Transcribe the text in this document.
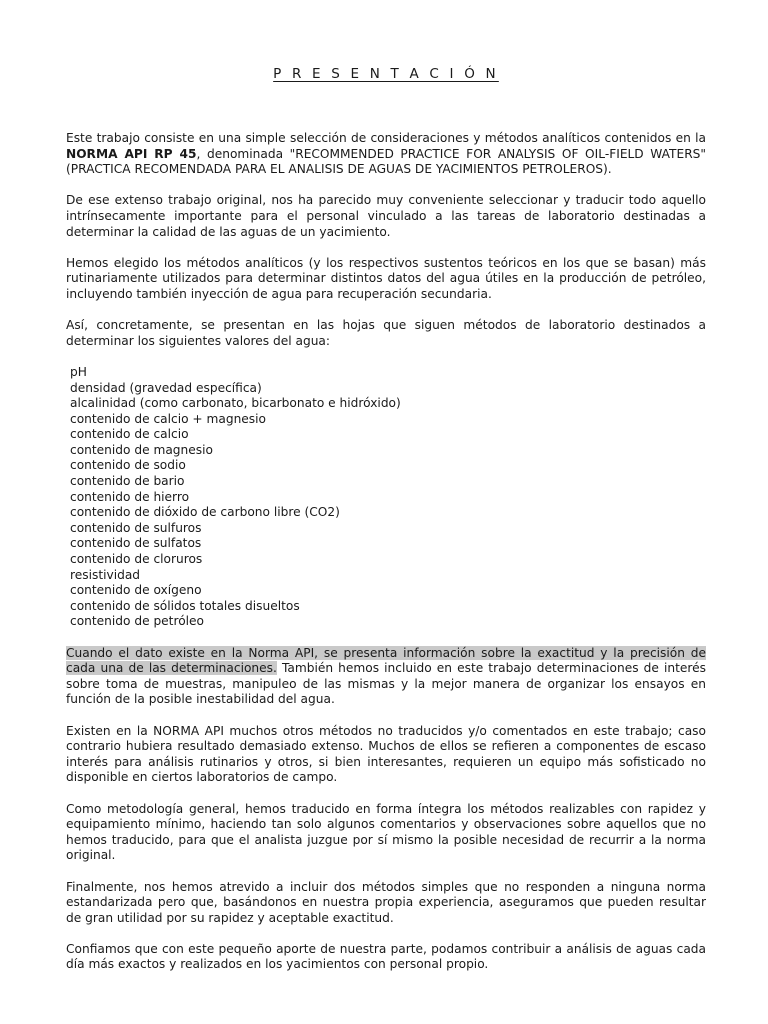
P R E S E N T A C I Ó N

Este trabajo consiste en una simple selección de consideraciones y métodos analíticos contenidos en la NORMA API RP 45, denominada "RECOMMENDED PRACTICE FOR ANALYSIS OF OIL-FIELD WATERS" (PRACTICA RECOMENDADA PARA EL ANALISIS DE AGUAS DE YACIMIENTOS PETROLEROS).

De ese extenso trabajo original, nos ha parecido muy conveniente seleccionar y traducir todo aquello intrínsecamente importante para el personal vinculado a las tareas de laboratorio destinadas a determinar la calidad de las aguas de un yacimiento.

Hemos elegido los métodos analíticos (y los respectivos sustentos teóricos en los que se basan) más rutinariamente utilizados para determinar distintos datos del agua útiles en la producción de petróleo, incluyendo también inyección de agua para recuperación secundaria.

Así, concretamente, se presentan en las hojas que siguen métodos de laboratorio destinados a determinar los siguientes valores del agua:

pH
densidad (gravedad específica)
alcalinidad (como carbonato, bicarbonato e hidróxido)
contenido de calcio + magnesio
contenido de calcio
contenido de magnesio
contenido de sodio
contenido de bario
contenido de hierro
contenido de dióxido de carbono libre (CO2)
contenido de sulfuros
contenido de sulfatos
contenido de cloruros
resistividad
contenido de oxígeno
contenido de sólidos totales disueltos
contenido de petróleo

Cuando el dato existe en la Norma API, se presenta información sobre la exactitud y la precisión de cada una de las determinaciones. También hemos incluido en este trabajo determinaciones de interés sobre toma de muestras, manipuleo de las mismas y la mejor manera de organizar los ensayos en función de la posible inestabilidad del agua.

Existen en la NORMA API muchos otros métodos no traducidos y/o comentados en este trabajo; caso contrario hubiera resultado demasiado extenso. Muchos de ellos se refieren a componentes de escaso interés para análisis rutinarios y otros, si bien interesantes, requieren un equipo más sofisticado no disponible en ciertos laboratorios de campo.

Como metodología general, hemos traducido en forma íntegra los métodos realizables con rapidez y equipamiento mínimo, haciendo tan solo algunos comentarios y observaciones sobre aquellos que no hemos traducido, para que el analista juzgue por sí mismo la posible necesidad de recurrir a la norma original.

Finalmente, nos hemos atrevido a incluir dos métodos simples que no responden a ninguna norma estandarizada pero que, basándonos en nuestra propia experiencia, aseguramos que pueden resultar de gran utilidad por su rapidez y aceptable exactitud.

Confiamos que con este pequeño aporte de nuestra parte, podamos contribuir a análisis de aguas cada día más exactos y realizados en los yacimientos con personal propio.
